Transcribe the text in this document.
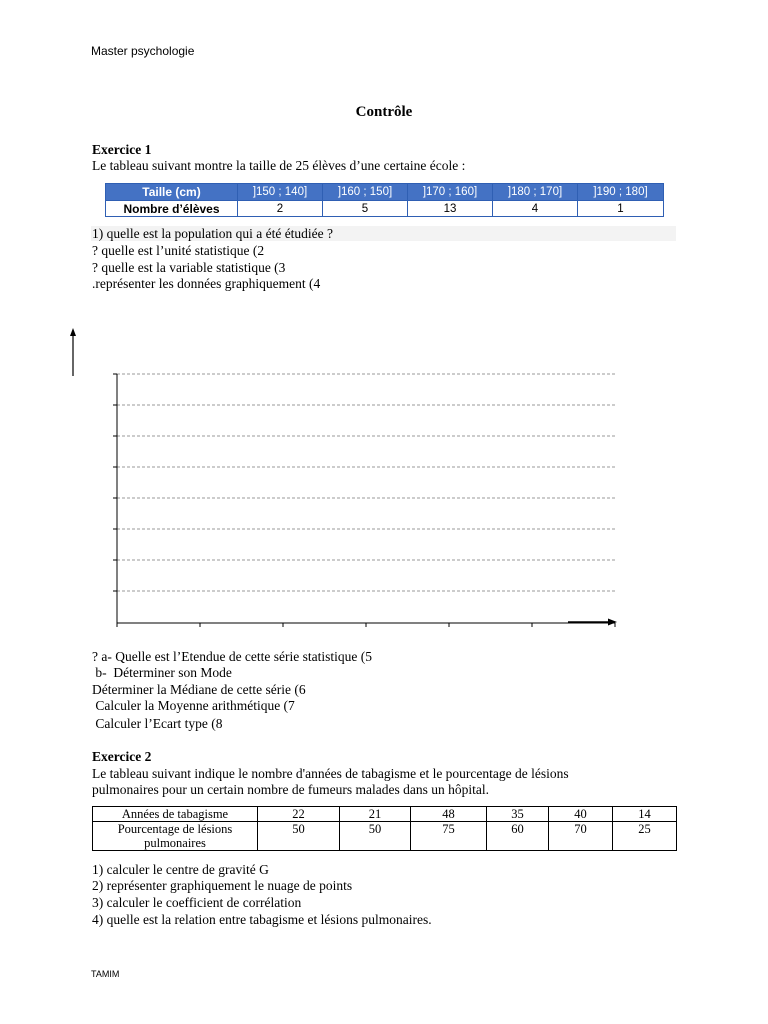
Master psychologie
Contrôle
Exercice 1
Le tableau suivant montre la taille de 25 élèves d’une certaine école :
Taille (cm)	]150 ; 140]	]160 ; 150]	]170 ; 160]	]180 ; 170]	]190 ; 180]
Nombre d’élèves	2	5	13	4	1
1) quelle est la population qui a été étudiée ?
? quelle est l’unité statistique (2
? quelle est la variable statistique (3
.représenter les données graphiquement (4
? a- Quelle est l’Etendue de cette série statistique (5
b-  Déterminer son Mode
Déterminer la Médiane de cette série (6
Calculer la Moyenne arithmétique (7
Calculer l’Ecart type (8
Exercice 2
Le tableau suivant indique le nombre d'années de tabagisme et le pourcentage de lésions
pulmonaires pour un certain nombre de fumeurs malades dans un hôpital.
Années de tabagisme	22	21	48	35	40	14

Pourcentage de lésions
pulmonaires	50	50	75	60	70	25
1) calculer le centre de gravité G
2) représenter graphiquement le nuage de points
3) calculer le coefficient de corrélation
4) quelle est la relation entre tabagisme et lésions pulmonaires.
TAMIM
